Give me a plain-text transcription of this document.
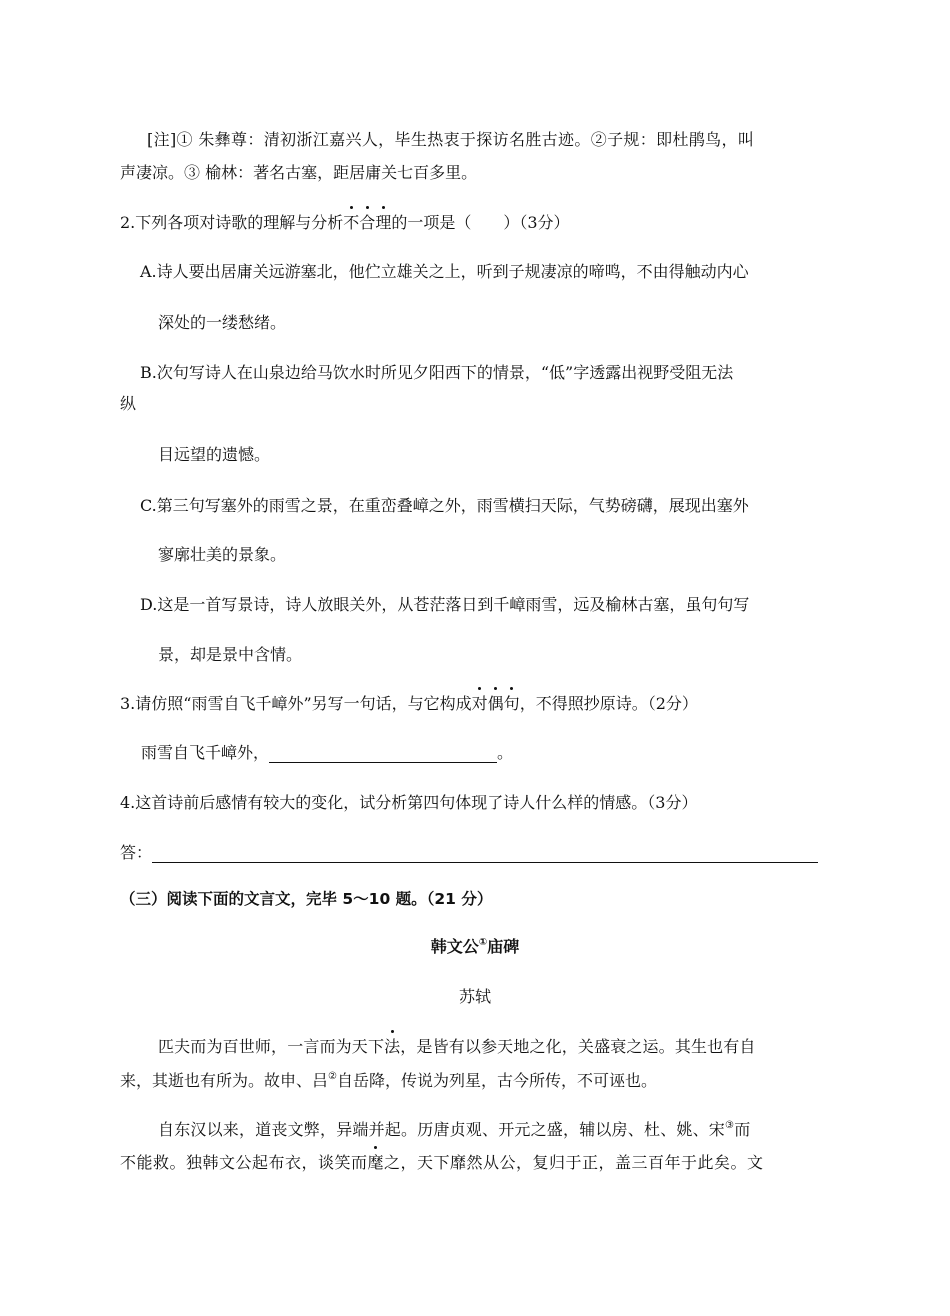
[注]① 朱彝尊：清初浙江嘉兴人，毕生热衷于探访名胜古迹。②子规：即杜鹃鸟，叫
声凄凉。③ 榆林：著名古塞，距居庸关七百多里。
2.下列各项对诗歌的理解与分析不合理的一项是（　　）（3分）
A.诗人要出居庸关远游塞北，他伫立雄关之上，听到子规凄凉的啼鸣，不由得触动内心
深处的一缕愁绪。
B.次句写诗人在山泉边给马饮水时所见夕阳西下的情景，“低”字透露出视野受阻无法
纵
目远望的遗憾。
C.第三句写塞外的雨雪之景，在重峦叠嶂之外，雨雪横扫天际，气势磅礴，展现出塞外
寥廓壮美的景象。
D.这是一首写景诗，诗人放眼关外，从苍茫落日到千嶂雨雪，远及榆林古塞，虽句句写
景，却是景中含情。
3.请仿照“雨雪自飞千嶂外”另写一句话，与它构成对偶句，不得照抄原诗。（2分）
雨雪自飞千嶂外，	。
4.这首诗前后感情有较大的变化，试分析第四句体现了诗人什么样的情感。（3分）
答：
（三）阅读下面的文言文，完毕 5～10 题。（21 分）
韩文公①庙碑
苏轼
匹夫而为百世师，一言而为天下法，是皆有以参天地之化，关盛衰之运。其生也有自
来，其逝也有所为。故申、吕②自岳降，传说为列星，古今所传，不可诬也。
自东汉以来，道丧文弊，异端并起。历唐贞观、开元之盛，辅以房、杜、姚、宋③而
不能救。独韩文公起布衣，谈笑而麾之，天下靡然从公，复归于正，盖三百年于此矣。文
